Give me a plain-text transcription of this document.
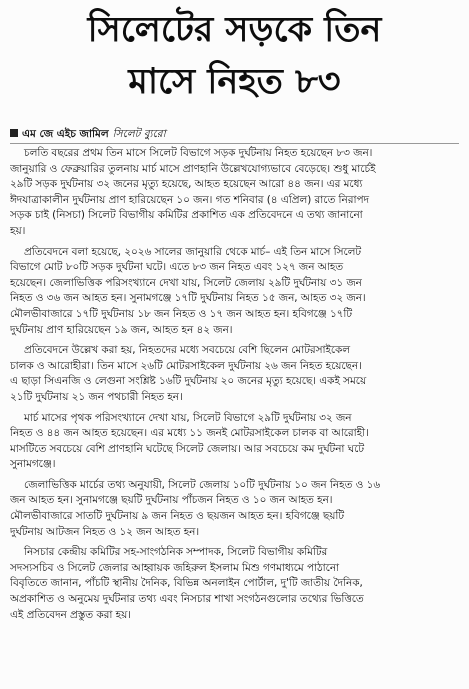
সিলেটের সড়কে তিন
মাসে নিহত ৮৩
এম জে এইচ জামিল সিলেট ব্যুরো
চলতি বছরের প্রথম তিন মাসে সিলেট বিভাগে সড়ক দুর্ঘটনায় নিহত হয়েছেন ৮৩ জন।
জানুয়ারি ও ফেব্রুয়ারির তুলনায় মার্চ মাসে প্রাণহানি উল্লেখযোগ্যভাবে বেড়েছে। শুধু মার্চেই
২৯টি সড়ক দুর্ঘটনায় ৩২ জনের মৃত্যু হয়েছে, আহত হয়েছেন আরো ৪৪ জন। এর মধ্যে
ঈদযাত্রাকালীন দুর্ঘটনায় প্রাণ হারিয়েছেন ১০ জন। গত শনিবার (৪ এপ্রিল) রাতে নিরাপদ
সড়ক চাই (নিসচা) সিলেট বিভাগীয় কমিটির প্রকাশিত এক প্রতিবেদনে এ তথ্য জানানো
হয়।
প্রতিবেদনে বলা হয়েছে, ২০২৬ সালের জানুয়ারি থেকে মার্চ– এই তিন মাসে সিলেট
বিভাগে মোট ৮০টি সড়ক দুর্ঘটনা ঘটে। এতে ৮৩ জন নিহত এবং ১২৭ জন আহত
হয়েছেন। জেলাভিত্তিক পরিসংখ্যানে দেখা যায়, সিলেট জেলায় ২৯টি দুর্ঘটনায় ৩১ জন
নিহত ও ৩৬ জন আহত হন। সুনামগঞ্জে ১৭টি দুর্ঘটনায় নিহত ১৫ জন, আহত ৩২ জন।
মৌলভীবাজারে ১৭টি দুর্ঘটনায় ১৮ জন নিহত ও ১৭ জন আহত হন। হবিগঞ্জে ১৭টি
দুর্ঘটনায় প্রাণ হারিয়েছেন ১৯ জন, আহত হন ৪২ জন।
প্রতিবেদনে উল্লেখ করা হয়, নিহতদের মধ্যে সবচেয়ে বেশি ছিলেন মোটরসাইকেল
চালক ও আরোহীরা। তিন মাসে ২৬টি মোটরসাইকেল দুর্ঘটনায় ২৬ জন নিহত হয়েছেন।
এ ছাড়া সিএনজি ও লেগুনা সংশ্লিষ্ট ১৬টি দুর্ঘটনায় ২০ জনের মৃত্যু হয়েছে। একই সময়ে
২১টি দুর্ঘটনায় ২১ জন পথচারী নিহত হন।
মার্চ মাসের পৃথক পরিসংখ্যানে দেখা যায়, সিলেট বিভাগে ২৯টি দুর্ঘটনায় ৩২ জন
নিহত ও ৪৪ জন আহত হয়েছেন। এর মধ্যে ১১ জনই মোটরসাইকেল চালক বা আরোহী।
মাসটিতে সবচেয়ে বেশি প্রাণহানি ঘটেছে সিলেট জেলায়। আর সবচেয়ে কম দুর্ঘটনা ঘটে
সুনামগঞ্জে।
জেলাভিত্তিক মার্চের তথ্য অনুযায়ী, সিলেট জেলায় ১০টি দুর্ঘটনায় ১০ জন নিহত ও ১৬
জন আহত হন। সুনামগঞ্জে ছয়টি দুর্ঘটনায় পাঁচজন নিহত ও ১০ জন আহত হন।
মৌলভীবাজারে সাতটি দুর্ঘটনায় ৯ জন নিহত ও ছয়জন আহত হন। হবিগঞ্জে ছয়টি
দুর্ঘটনায় আটজন নিহত ও ১২ জন আহত হন।
নিসচার কেন্দ্রীয় কমিটির সহ-সাংগঠনিক সম্পাদক, সিলেট বিভাগীয় কমিটির
সদস্যসচিব ও সিলেট জেলার আহ্বায়ক জহিরুল ইসলাম মিশু গণমাধ্যমে পাঠানো
বিবৃতিতে জানান, পাঁচটি স্থানীয় দৈনিক, বিভিন্ন অনলাইন পোর্টাল, দু'টি জাতীয় দৈনিক,
অপ্রকাশিত ও অনুমেয় দুর্ঘটনার তথ্য এবং নিসচার শাখা সংগঠনগুলোর তথ্যের ভিত্তিতে
এই প্রতিবেদন প্রস্তুত করা হয়।
